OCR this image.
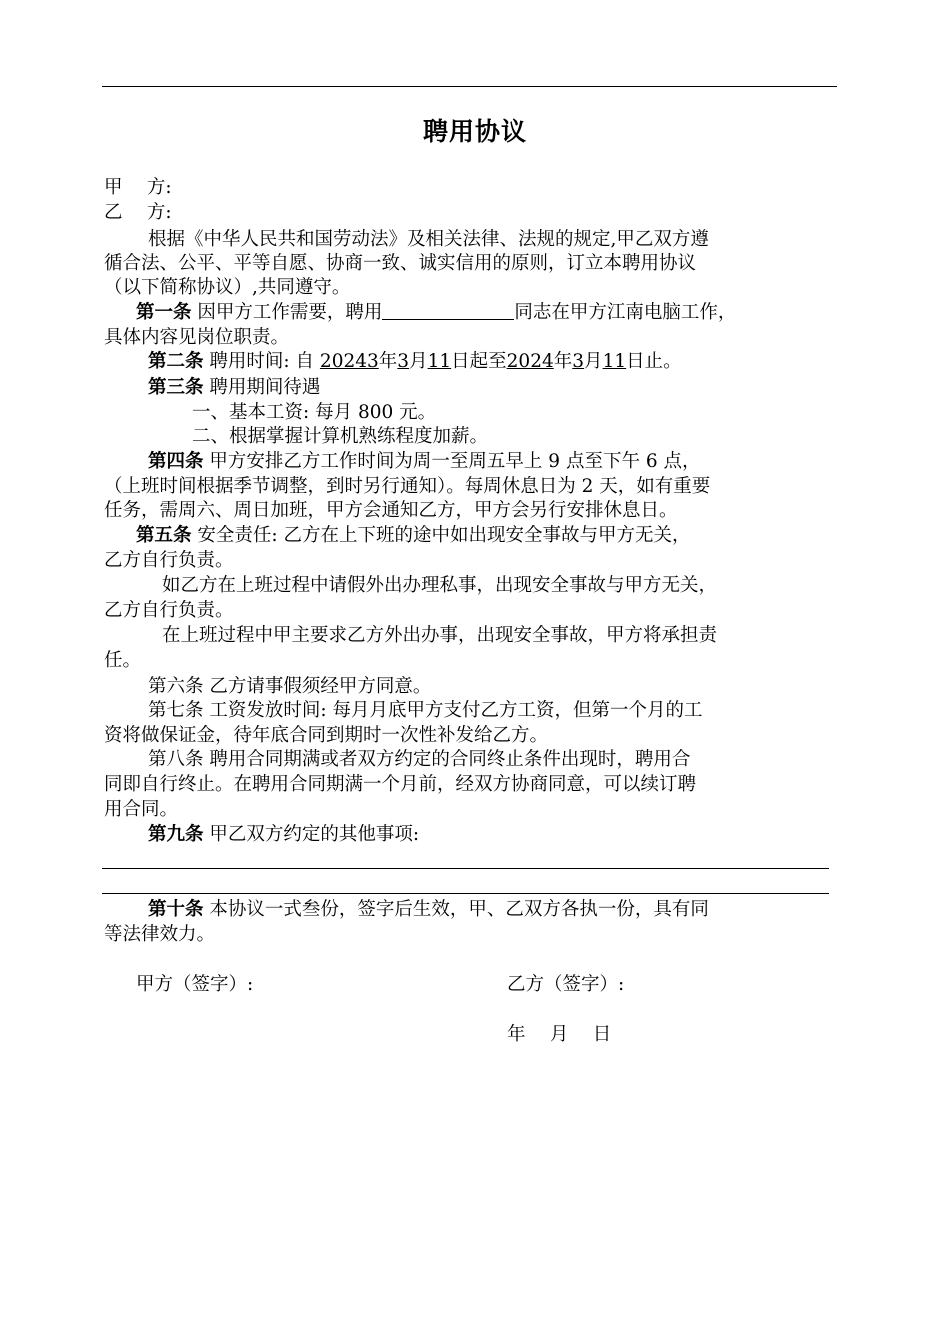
聘用协议
甲　 方:
乙　 方:
根据《中华人民共和国劳动法》及相关法律、法规的规定,甲乙双方遵
循合法、公平、平等自愿、协商一致、诚实信用的原则，订立本聘用协议
（以下简称协议）,共同遵守。
第一条 因甲方工作需要，聘用	同志在甲方江南电脑工作，
具体内容见岗位职责。
第二条 聘用时间: 自 20243年3月11日起至2024年3月11日止。
第三条 聘用期间待遇
一、基本工资: 每月 800 元。
二、根据掌握计算机熟练程度加薪。
第四条 甲方安排乙方工作时间为周一至周五早上 9 点至下午 6 点，
（上班时间根据季节调整，到时另行通知）。每周休息日为 2 天，如有重要
任务，需周六、周日加班，甲方会通知乙方，甲方会另行安排休息日。
第五条 安全责任: 乙方在上下班的途中如出现安全事故与甲方无关，
乙方自行负责。
如乙方在上班过程中请假外出办理私事，出现安全事故与甲方无关，
乙方自行负责。
在上班过程中甲主要求乙方外出办事，出现安全事故，甲方将承担责
任。
第六条 乙方请事假须经甲方同意。
第七条 工资发放时间: 每月月底甲方支付乙方工资，但第一个月的工
资将做保证金，待年底合同到期时一次性补发给乙方。
第八条 聘用合同期满或者双方约定的合同终止条件出现时，聘用合
同即自行终止。在聘用合同期满一个月前，经双方协商同意，可以续订聘
用合同。
第九条 甲乙双方约定的其他事项:
第十条 本协议一式叁份，签字后生效，甲、乙双方各执一份，具有同
等法律效力。
甲方（签字）:	乙方（签字）:
年　 月　 日
